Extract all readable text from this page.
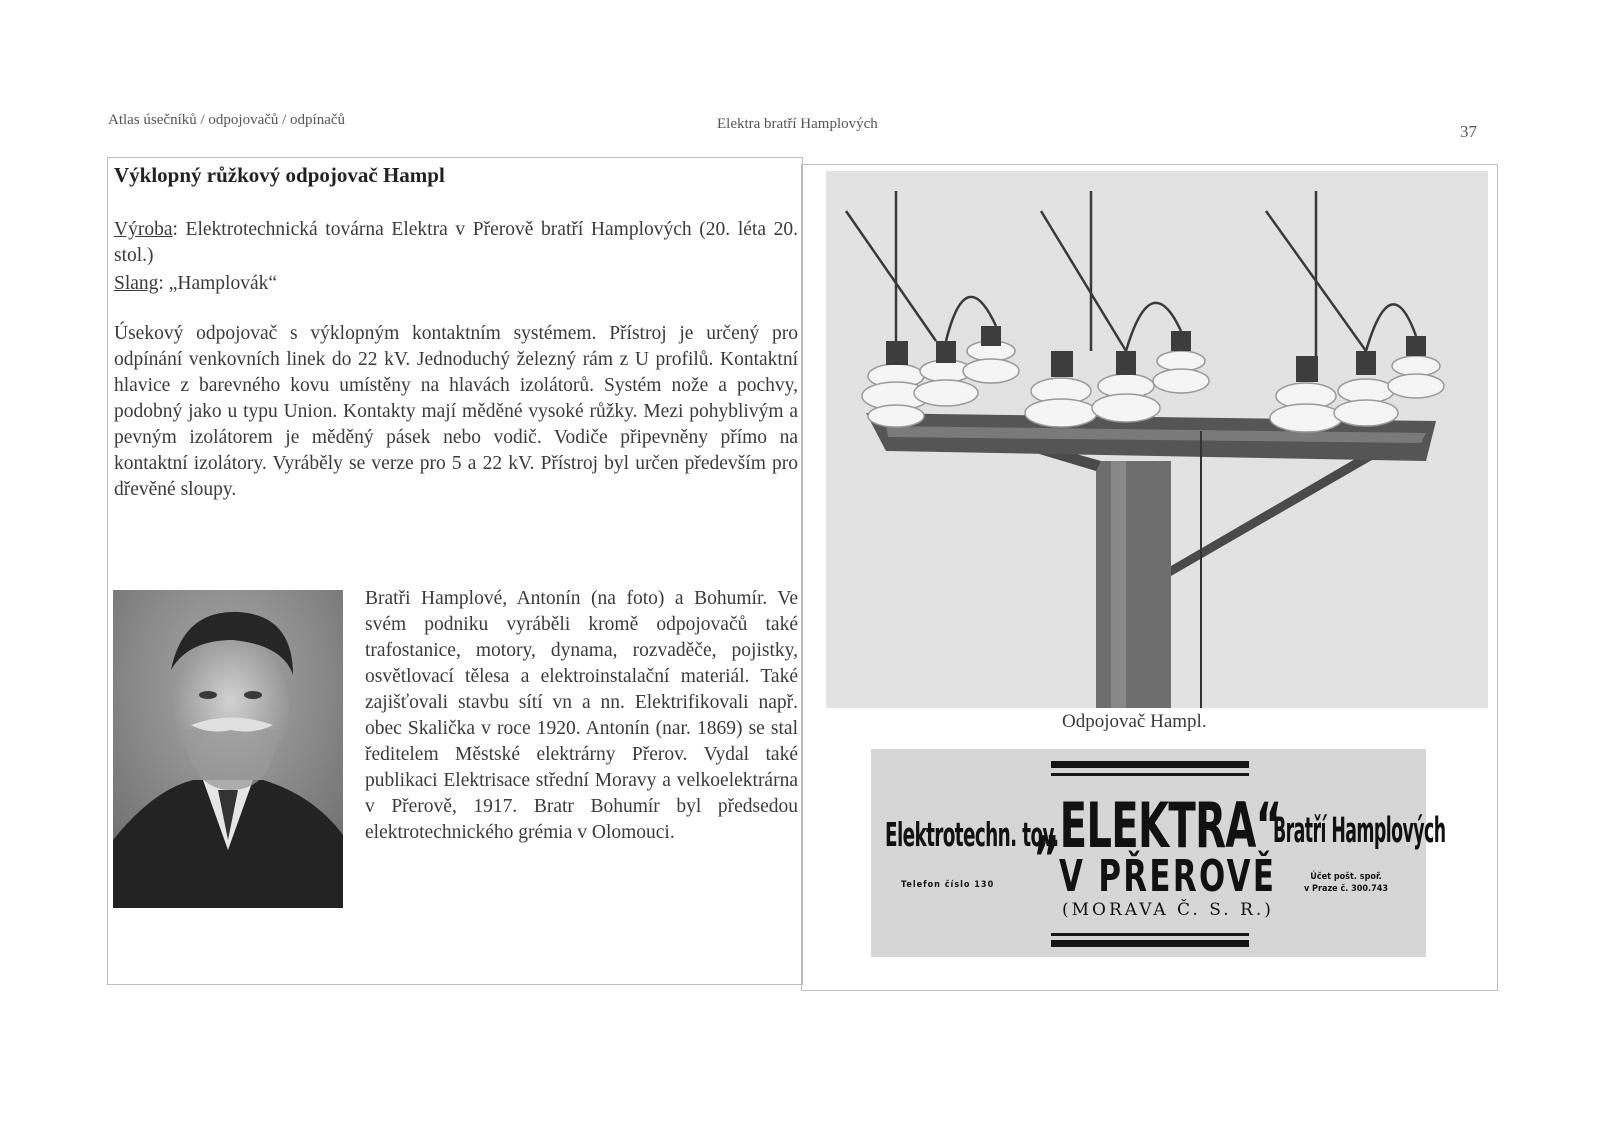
Atlas úsečníků / odpojovačů / odpínačů	Elektra bratří Hamplových	37
Výklopný růžkový odpojovač Hampl
Výroba: Elektrotechnická továrna Elektra v Přerově bratří Hamplových (20. léta 20. stol.)
Slang: „Hamplovák“
Úsekový odpojovač s výklopným kontaktním systémem. Přístroj je určený pro odpínání venkovních linek do 22 kV. Jednoduchý železný rám z U profilů. Kontaktní hlavice z barevného kovu umístěny na hlavách izolátorů. Systém nože a pochvy, podobný jako u typu Union. Kontakty mají měděné vysoké růžky. Mezi pohyblivým a pevným izolátorem je měděný pásek nebo vodič. Vodiče připevněny přímo na kontaktní izolátory. Vyráběly se verze pro 5 a 22 kV. Přístroj byl určen především pro dřevěné sloupy.
Bratři Hamplové, Antonín (na foto) a Bohumír. Ve svém podniku vyráběli kromě odpojovačů také trafostanice, motory, dynama, rozvaděče, pojistky, osvětlovací tělesa a elektroinstalační materiál. Také zajišťovali stavbu sítí vn a nn. Elektrifikovali např. obec Skalička v roce 1920. Antonín (nar. 1869) se stal ředitelem Městské elektrárny Přerov. Vydal také publikaci Elektrisace střední Moravy a velkoelektrárna v Přerově, 1917. Bratr Bohumír byl předsedou elektrotechnického grémia v Olomouci.
Odpojovač Hampl.
Elektrotechn. tov.
„ELEKTRA“
V PŘEROVĚ
(MORAVA Č. S. R.)
Bratří Hamplových
Telefon číslo 130
Účet pošt. spoř.
v Praze č. 300.743
